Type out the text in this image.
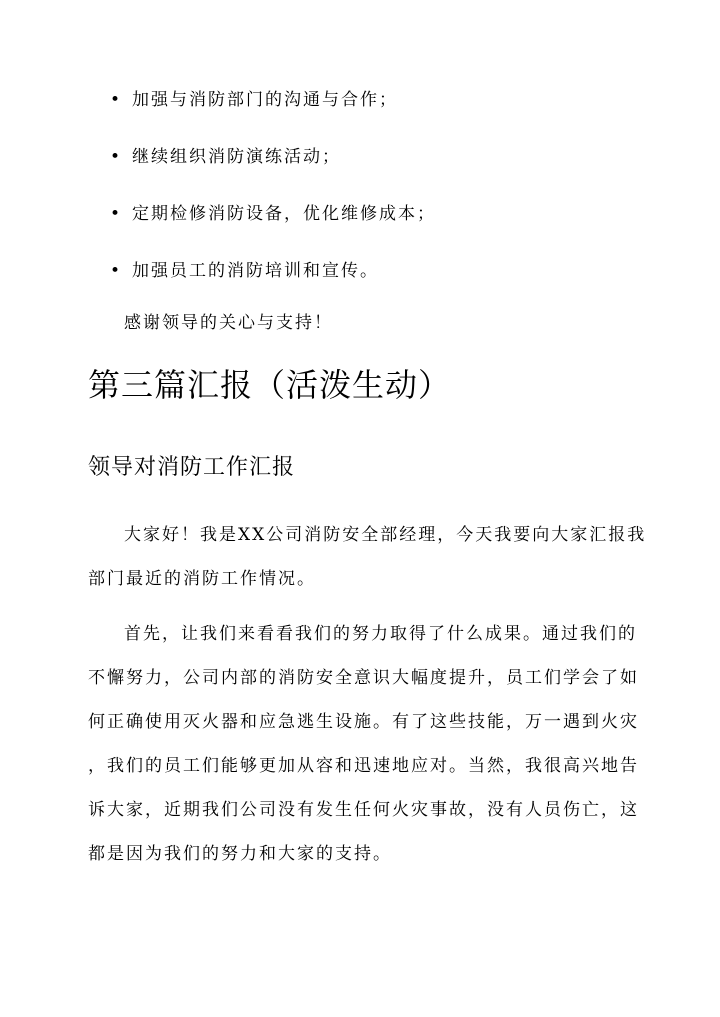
• 加强与消防部门的沟通与合作；
• 继续组织消防演练活动；
• 定期检修消防设备，优化维修成本；
• 加强员工的消防培训和宣传。
感谢领导的关心与支持！
第三篇汇报（活泼生动）
领导对消防工作汇报

大家好！我是XX公司消防安全部经理，今天我要向大家汇报我
部门最近的消防工作情况。

首先，让我们来看看我们的努力取得了什么成果。通过我们的
不懈努力，公司内部的消防安全意识大幅度提升，员工们学会了如
何正确使用灭火器和应急逃生设施。有了这些技能，万一遇到火灾
，我们的员工们能够更加从容和迅速地应对。当然，我很高兴地告
诉大家，近期我们公司没有发生任何火灾事故，没有人员伤亡，这
都是因为我们的努力和大家的支持。
